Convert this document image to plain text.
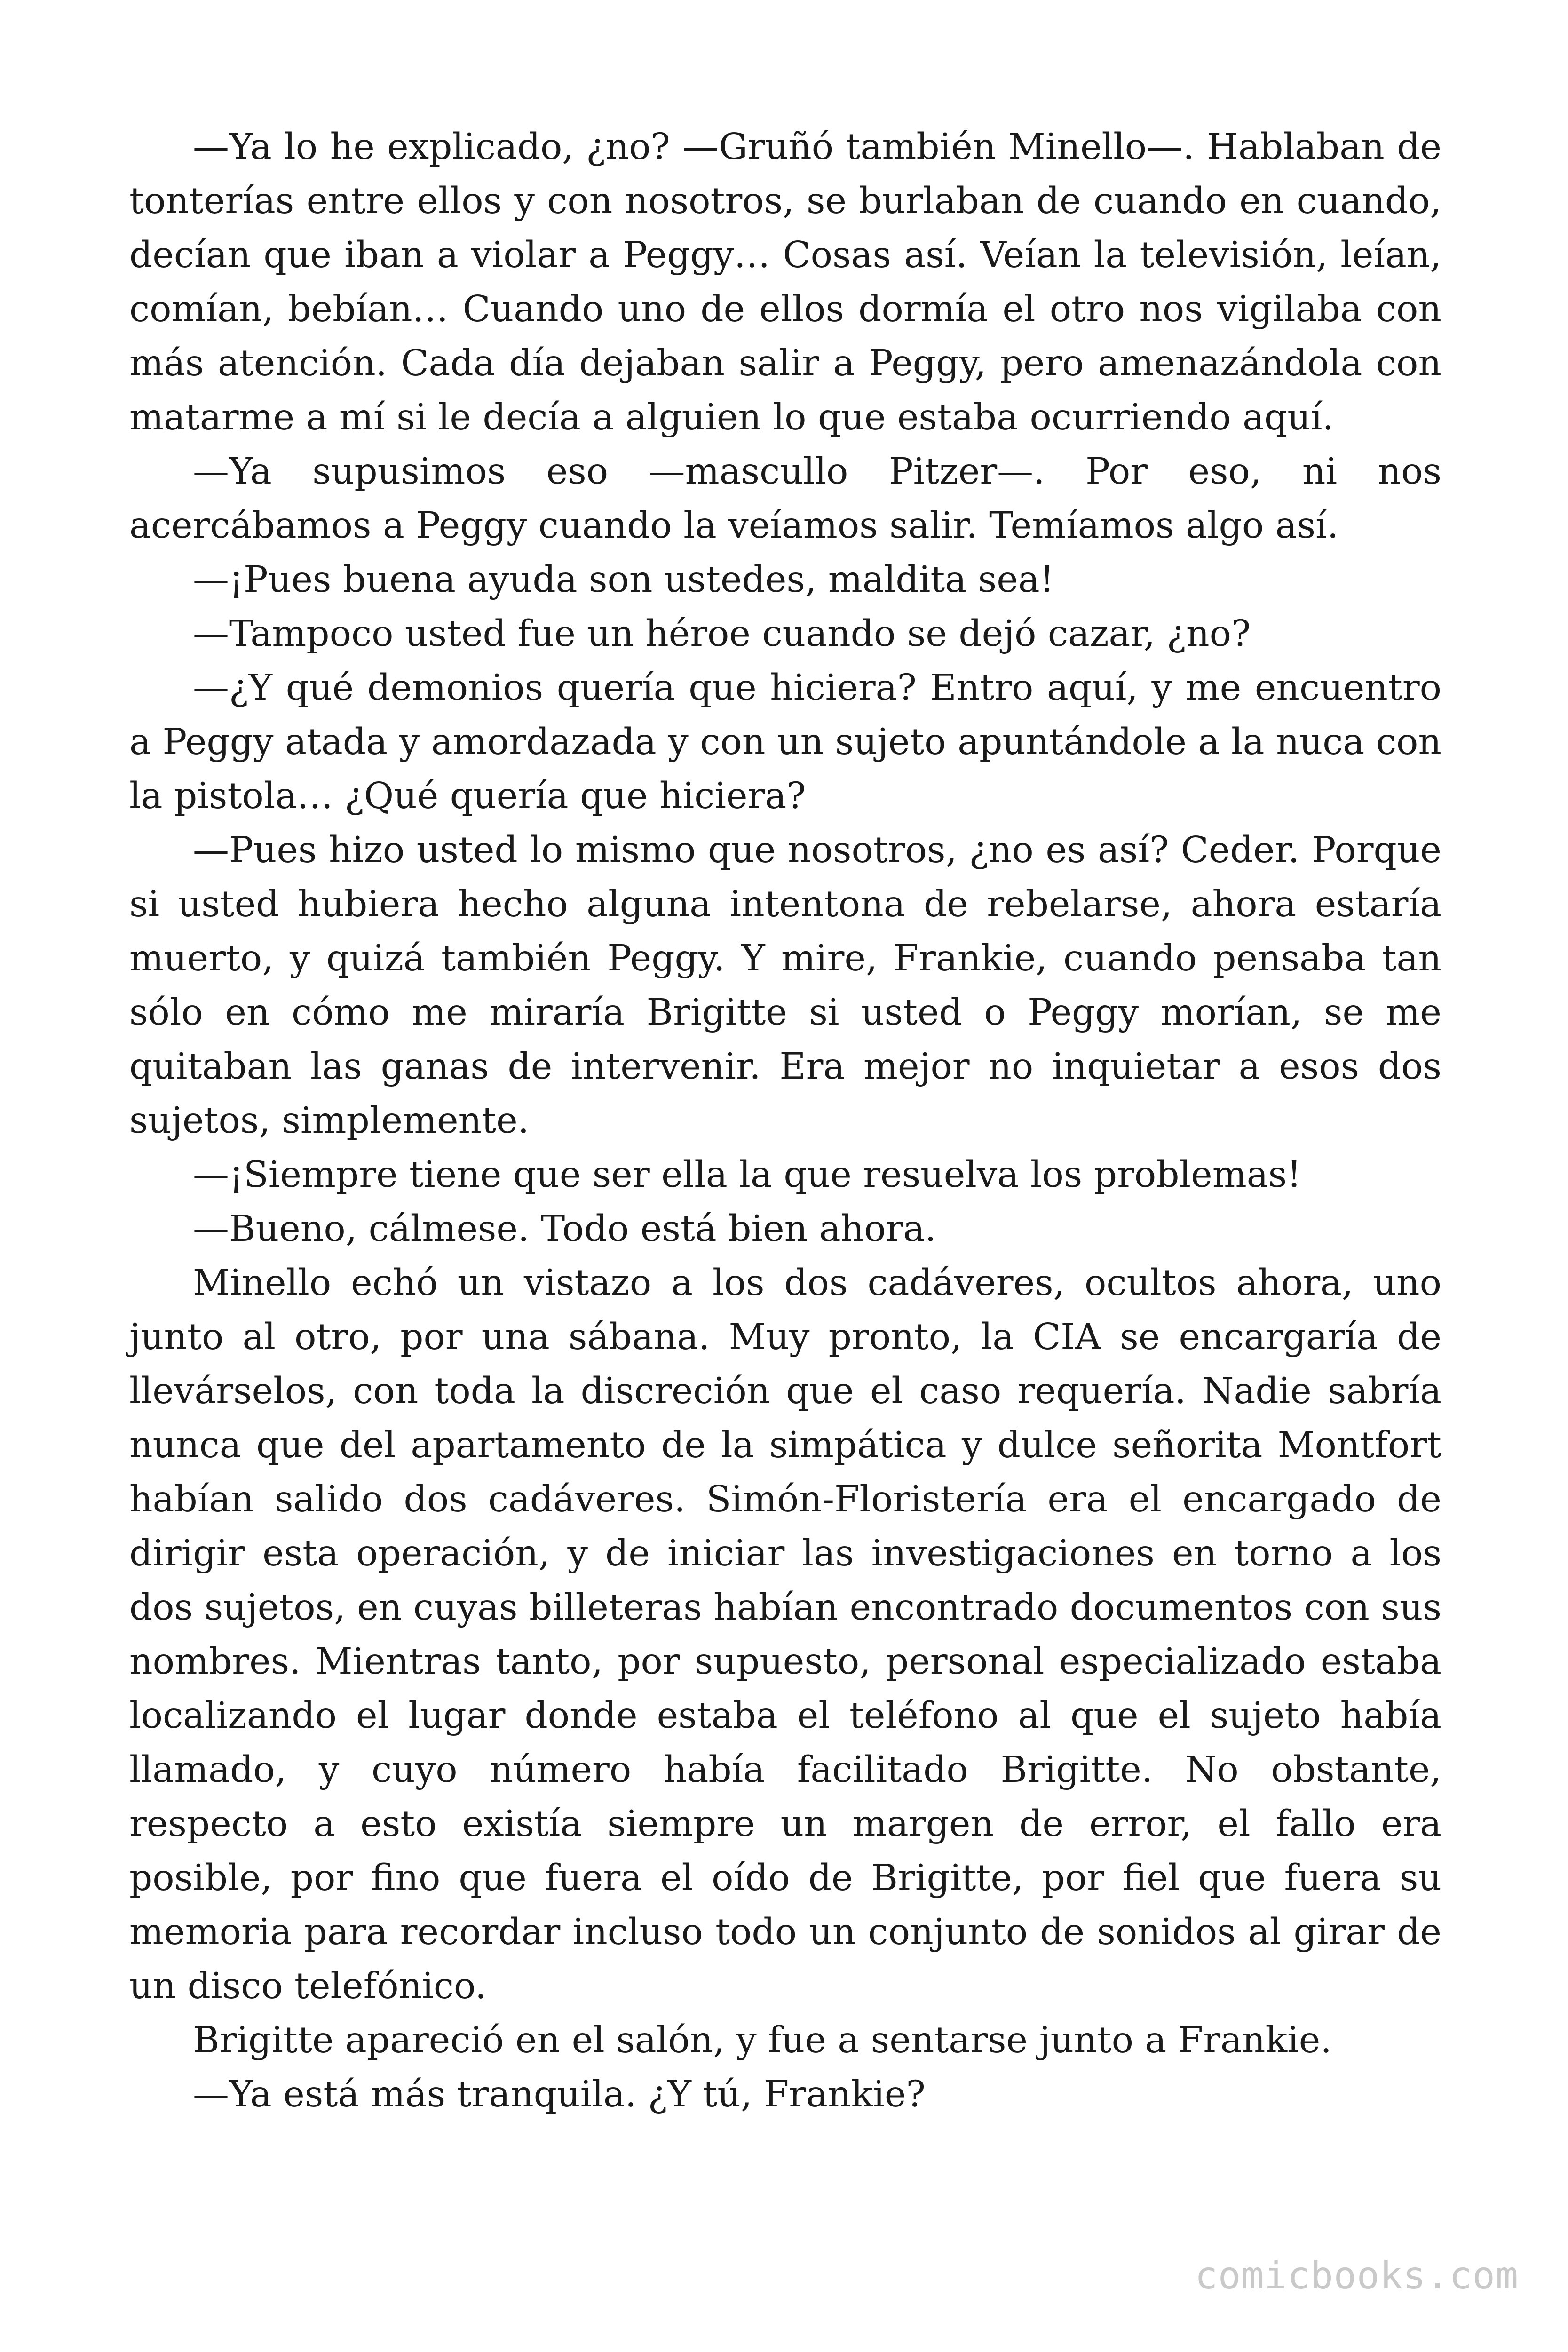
—Ya lo he explicado, ¿no? —Gruñó también Minello—. Hablaban de tonterías entre ellos y con nosotros, se burlaban de cuando en cuando, decían que iban a violar a Peggy… Cosas así. Veían la televisión, leían, comían, bebían… Cuando uno de ellos dormía el otro nos vigilaba con más atención. Cada día dejaban salir a Peggy, pero amenazándola con matarme a mí si le decía a alguien lo que estaba ocurriendo aquí.

—Ya supusimos eso —mascullo Pitzer—. Por eso, ni nos acercábamos a Peggy cuando la veíamos salir. Temíamos algo así.

—¡Pues buena ayuda son ustedes, maldita sea!

—Tampoco usted fue un héroe cuando se dejó cazar, ¿no?

—¿Y qué demonios quería que hiciera? Entro aquí, y me encuentro a Peggy atada y amordazada y con un sujeto apuntándole a la nuca con la pistola… ¿Qué quería que hiciera?

—Pues hizo usted lo mismo que nosotros, ¿no es así? Ceder. Porque si usted hubiera hecho alguna intentona de rebelarse, ahora estaría muerto, y quizá también Peggy. Y mire, Frankie, cuando pensaba tan sólo en cómo me miraría Brigitte si usted o Peggy morían, se me quitaban las ganas de intervenir. Era mejor no inquietar a esos dos sujetos, simplemente.

—¡Siempre tiene que ser ella la que resuelva los problemas!

—Bueno, cálmese. Todo está bien ahora.

Minello echó un vistazo a los dos cadáveres, ocultos ahora, uno junto al otro, por una sábana. Muy pronto, la CIA se encargaría de llevárselos, con toda la discreción que el caso requería. Nadie sabría nunca que del apartamento de la simpática y dulce señorita Montfort habían salido dos cadáveres. Simón-Floristería era el encargado de dirigir esta operación, y de iniciar las investigaciones en torno a los dos sujetos, en cuyas billeteras habían encontrado documentos con sus nombres. Mientras tanto, por supuesto, personal especializado estaba localizando el lugar donde estaba el teléfono al que el sujeto había llamado, y cuyo número había facilitado Brigitte. No obstante, respecto a esto existía siempre un margen de error, el fallo era posible, por fino que fuera el oído de Brigitte, por fiel que fuera su memoria para recordar incluso todo un conjunto de sonidos al girar de un disco telefónico.

Brigitte apareció en el salón, y fue a sentarse junto a Frankie.

—Ya está más tranquila. ¿Y tú, Frankie?

comicbooks.com
